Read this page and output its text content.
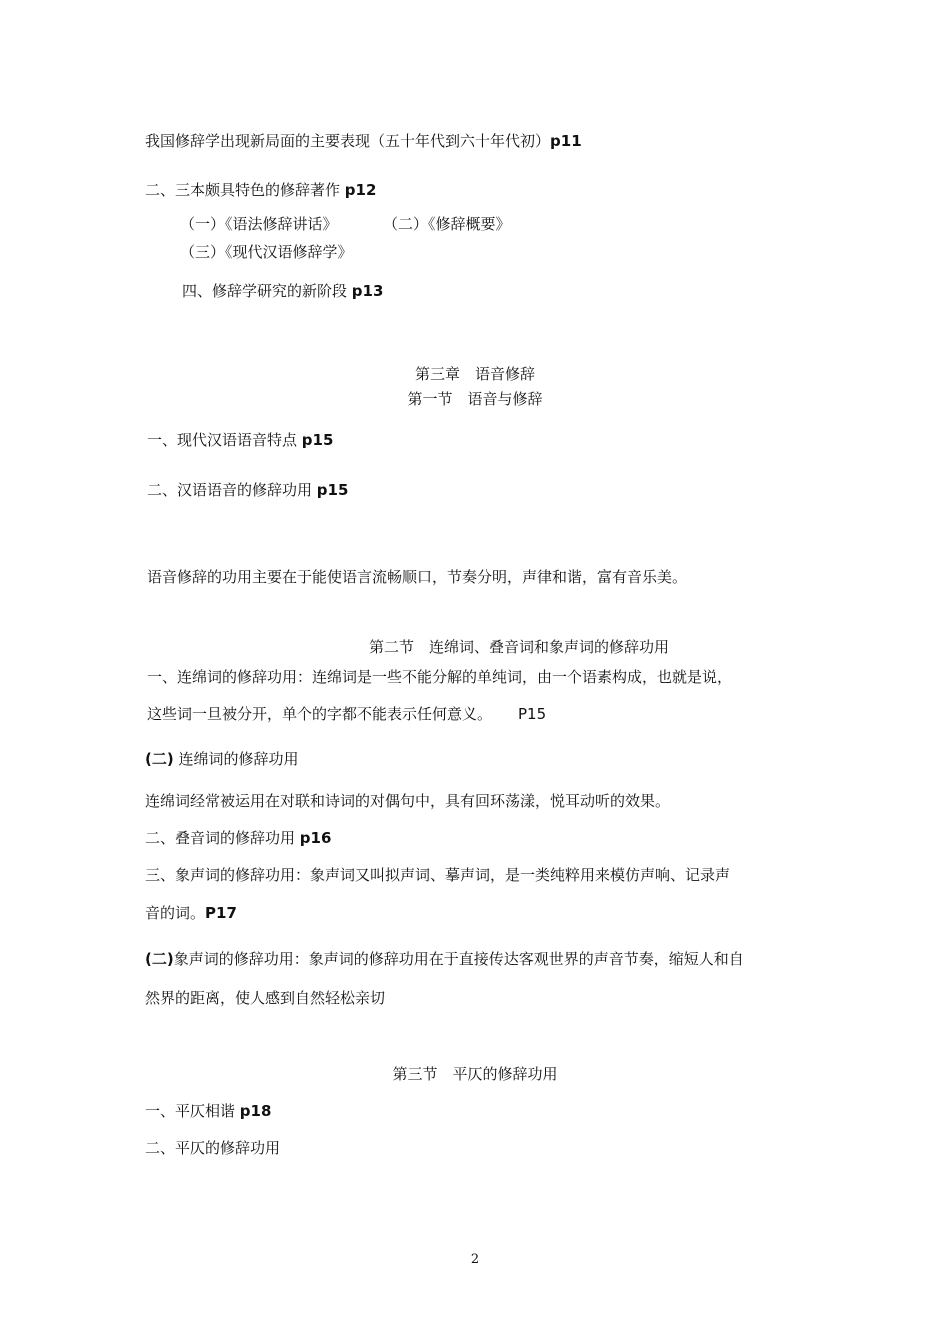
我国修辞学出现新局面的主要表现（五十年代到六十年代初）p11
二、三本颇具特色的修辞著作 p12
（一）《语法修辞讲话》	（二）《修辞概要》
（三）《现代汉语修辞学》
四、修辞学研究的新阶段 p13
第三章　语音修辞
第一节　语音与修辞
一、现代汉语语音特点 p15
二、汉语语音的修辞功用 p15
语音修辞的功用主要在于能使语言流畅顺口，节奏分明，声律和谐，富有音乐美。
第二节　连绵词、叠音词和象声词的修辞功用
一、连绵词的修辞功用：连绵词是一些不能分解的单纯词，由一个语素构成，也就是说，
这些词一旦被分开，单个的字都不能表示任何意义。 P15
(二) 连绵词的修辞功用
连绵词经常被运用在对联和诗词的对偶句中，具有回环荡漾，悦耳动听的效果。
二、叠音词的修辞功用 p16
三、象声词的修辞功用：象声词又叫拟声词、摹声词，是一类纯粹用来模仿声响、记录声
音的词。P17
(二)象声词的修辞功用：象声词的修辞功用在于直接传达客观世界的声音节奏，缩短人和自
然界的距离，使人感到自然轻松亲切
第三节　平仄的修辞功用
一、平仄相谐 p18
二、平仄的修辞功用
2
